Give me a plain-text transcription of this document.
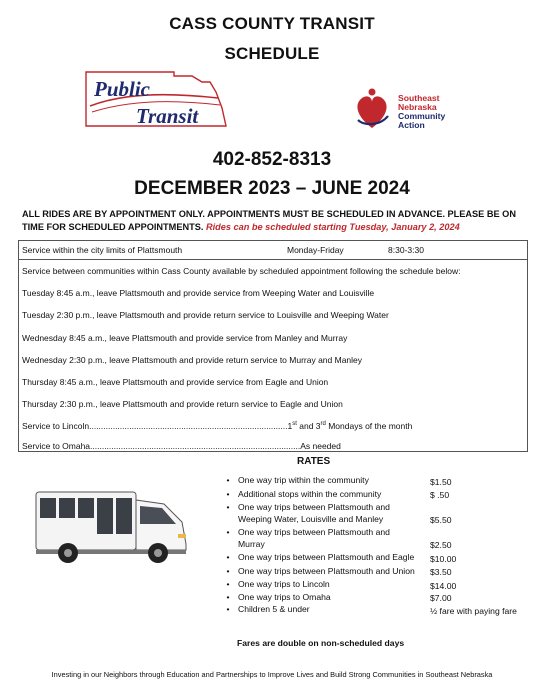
CASS COUNTY TRANSIT
SCHEDULE
Public
Transit
Southeast
Nebraska
Community
Action
402-852-8313
DECEMBER 2023 – JUNE 2024
ALL RIDES ARE BY APPOINTMENT ONLY. APPOINTMENTS MUST BE SCHEDULED IN ADVANCE. PLEASE BE ON TIME FOR SCHEDULED APPOINTMENTS. Rides can be scheduled starting Tuesday, January 2, 2024
Service within the city limits of Plattsmouth	Monday-Friday	8:30-3:30
Service between communities within Cass County available by scheduled appointment following the schedule below:
Tuesday 8:45 a.m., leave Plattsmouth and provide service from Weeping Water and Louisville
Tuesday 2:30 p.m., leave Plattsmouth and provide return service to Louisville and Weeping Water
Wednesday 8:45 a.m., leave Plattsmouth and provide service from Manley and Murray
Wednesday 2:30 p.m., leave Plattsmouth and provide return service to Murray and Manley
Thursday 8:45 a.m., leave Plattsmouth and provide service from Eagle and Union
Thursday 2:30 p.m., leave Plattsmouth and provide return service to Eagle and Union
Service to Lincoln....................................................................................1st and 3rd Mondays of the month
Service to Omaha.........................................................................................As needed
RATES
• One way trip within the community	$1.50
• Additional stops within the community	$ .50
• One way trips between Plattsmouth and Weeping Water, Louisville and Manley	$5.50
• One way trips between Plattsmouth and Murray	$2.50
• One way trips between Plattsmouth and Eagle $10.00
• One way trips between Plattsmouth and Union $3.50
• One way trips to Lincoln	$14.00
• One way trips to Omaha	$7.00
• Children 5 & under	½ fare with paying fare
Fares are double on non-scheduled days
Investing in our Neighbors through Education and Partnerships to Improve Lives and Build Strong Communities in Southeast Nebraska
